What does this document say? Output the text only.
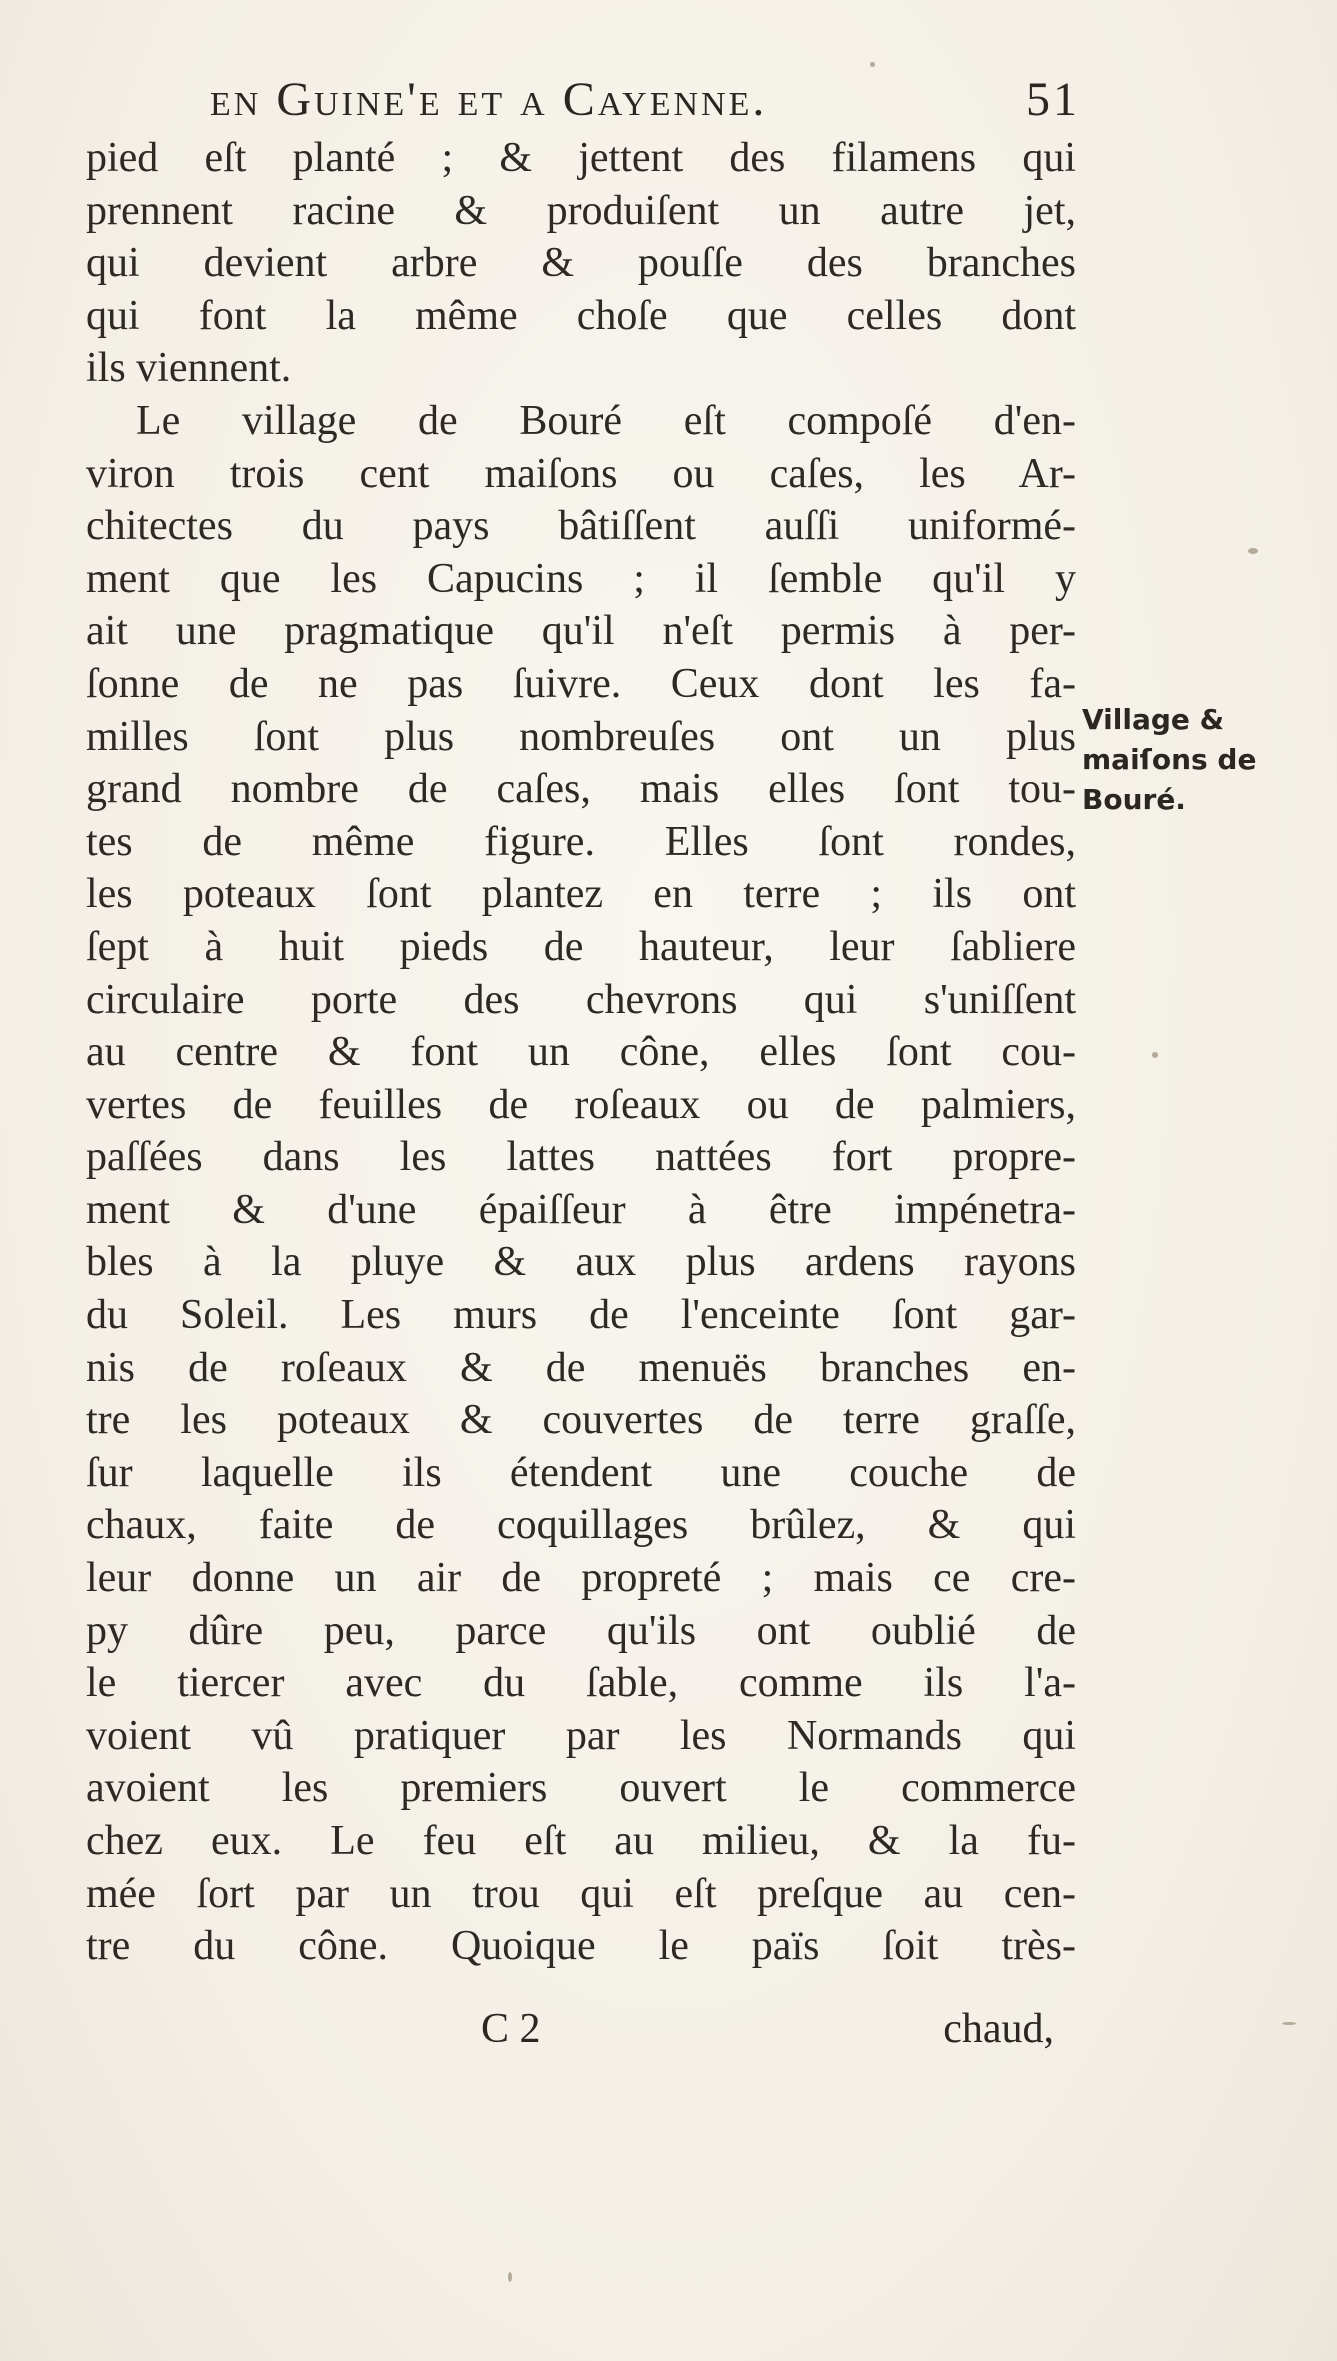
en Guine'e et a Cayenne.	51
pied eſt planté ; & jettent des filamens qui
prennent racine & produiſent un autre jet,
qui devient arbre & pouſſe des branches
qui font la même choſe que celles dont
ils viennent.
Le village de Bouré eſt compoſé d'en-
viron trois cent maiſons ou caſes, les Ar-
chitectes du pays bâtiſſent auſſi uniformé-
ment que les Capucins ; il ſemble qu'il y
ait une pragmatique qu'il n'eſt permis à per-
ſonne de ne pas ſuivre. Ceux dont les fa-
milles ſont plus nombreuſes ont un plus
grand nombre de caſes, mais elles ſont tou-
tes de même figure. Elles ſont rondes,
les poteaux ſont plantez en terre ; ils ont
ſept à huit pieds de hauteur, leur ſabliere
circulaire porte des chevrons qui s'uniſſent
au centre & font un cône, elles ſont cou-
vertes de feuilles de roſeaux ou de palmiers,
paſſées dans les lattes nattées fort propre-
ment & d'une épaiſſeur à être impénetra-
bles à la pluye & aux plus ardens rayons
du Soleil. Les murs de l'enceinte ſont gar-
nis de roſeaux & de menuës branches en-
tre les poteaux & couvertes de terre graſſe,
ſur laquelle ils étendent une couche de
chaux, faite de coquillages brûlez, & qui
leur donne un air de propreté ; mais ce cre-
py dûre peu, parce qu'ils ont oublié de
le tiercer avec du ſable, comme ils l'a-
voient vû pratiquer par les Normands qui
avoient les premiers ouvert le commerce
chez eux. Le feu eſt au milieu, & la fu-
mée ſort par un trou qui eſt preſque au cen-
tre du cône. Quoique le païs ſoit très-
C 2	chaud,
Village &
maiſons de
Bouré.
